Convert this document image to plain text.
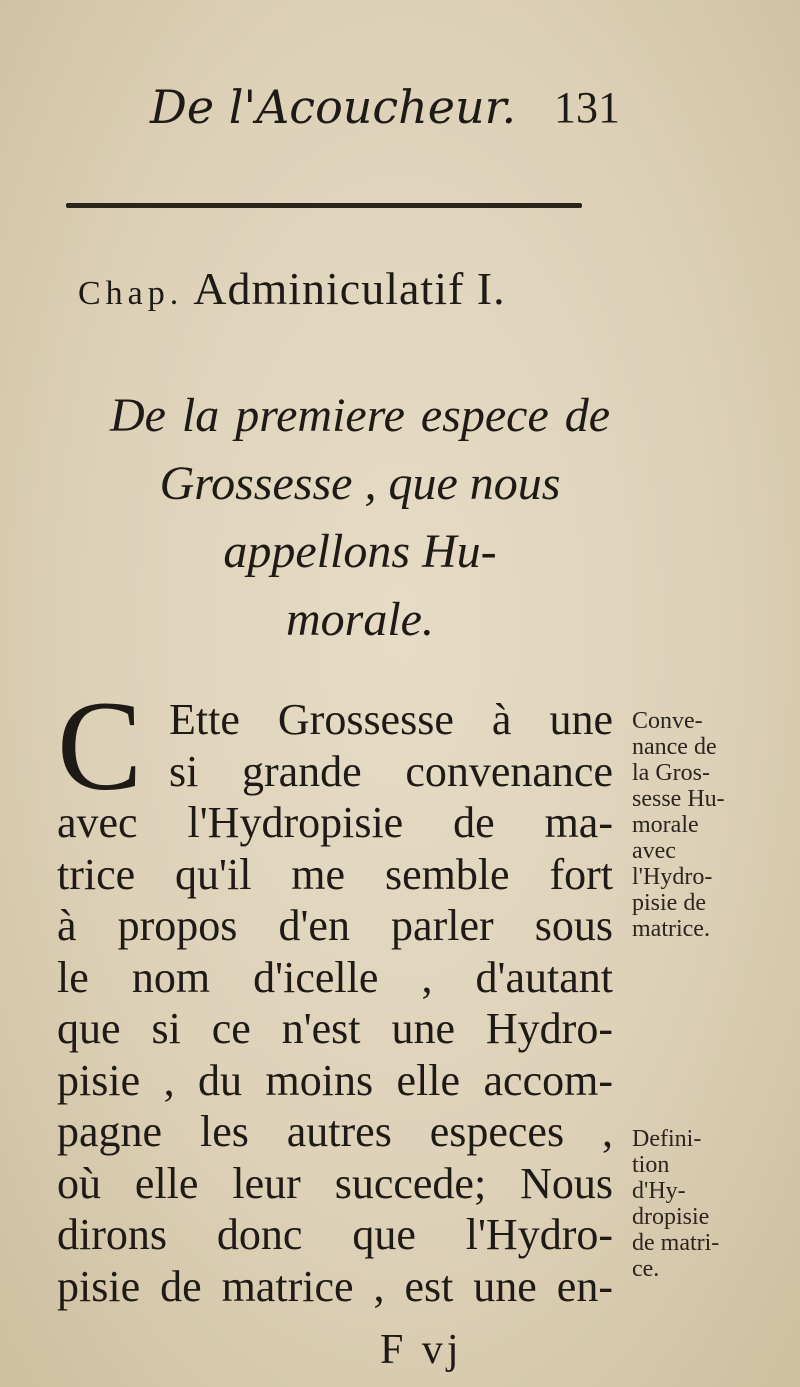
De l'Acoucheur. 131
Chap. Adminiculatif I.
De la premiere espece de
Grossesse , que nous
appellons Hu-
morale.
C Ette Grossesse à une
si grande convenance
avec l'Hydropisie de ma-
trice qu'il me semble fort
à propos d'en parler sous
le nom d'icelle , d'autant
que si ce n'est une Hydro-
pisie , du moins elle accom-
pagne les autres especes ,
où elle leur succede; Nous
dirons donc que l'Hydro-
pisie de matrice , est une en-
Conve-
nance de
la Gros-
sesse Hu-
morale
avec
l'Hydro-
pisie de
matrice.
Defini-
tion
d'Hy-
dropisie
de matri-
ce.
F vj
